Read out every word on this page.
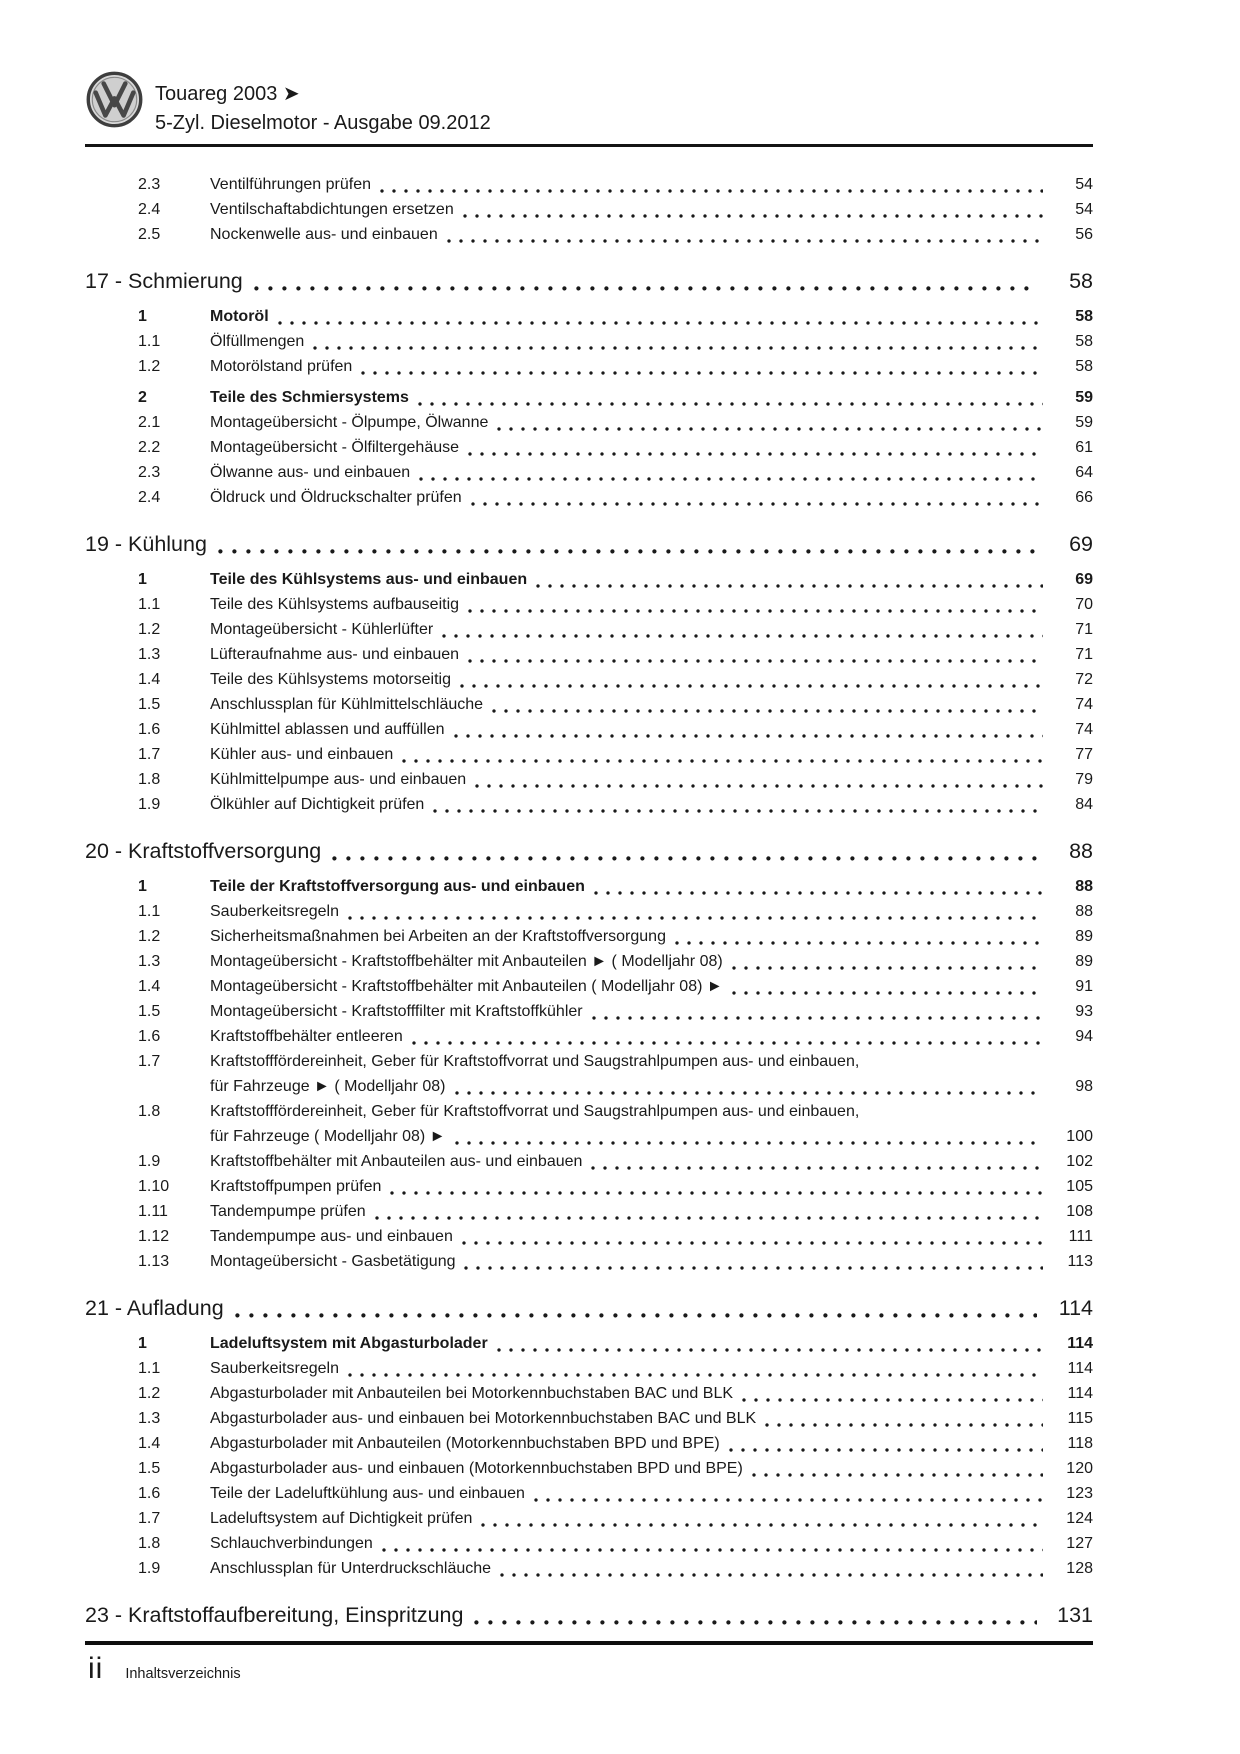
Touareg 2003 ➤
5-Zyl. Dieselmotor - Ausgabe 09.2012
2.3	Ventilführungen prüfen	54
2.4	Ventilschaftabdichtungen ersetzen	54
2.5	Nockenwelle aus- und einbauen	56
17 - Schmierung	58
1	Motoröl	58
1.1	Ölfüllmengen	58
1.2	Motorölstand prüfen	58
2	Teile des Schmiersystems	59
2.1	Montageübersicht - Ölpumpe, Ölwanne	59
2.2	Montageübersicht - Ölfiltergehäuse	61
2.3	Ölwanne aus- und einbauen	64
2.4	Öldruck und Öldruckschalter prüfen	66
19 - Kühlung	69
1	Teile des Kühlsystems aus- und einbauen	69
1.1	Teile des Kühlsystems aufbauseitig	70
1.2	Montageübersicht - Kühlerlüfter	71
1.3	Lüfteraufnahme aus- und einbauen	71
1.4	Teile des Kühlsystems motorseitig	72
1.5	Anschlussplan für Kühlmittelschläuche	74
1.6	Kühlmittel ablassen und auffüllen	74
1.7	Kühler aus- und einbauen	77
1.8	Kühlmittelpumpe aus- und einbauen	79
1.9	Ölkühler auf Dichtigkeit prüfen	84
20 - Kraftstoffversorgung	88
1	Teile der Kraftstoffversorgung aus- und einbauen	88
1.1	Sauberkeitsregeln	88
1.2	Sicherheitsmaßnahmen bei Arbeiten an der Kraftstoffversorgung	89
1.3	Montageübersicht - Kraftstoffbehälter mit Anbauteilen ► ( Modelljahr 08)	89
1.4	Montageübersicht - Kraftstoffbehälter mit Anbauteilen ( Modelljahr 08) ►	91
1.5	Montageübersicht - Kraftstofffilter mit Kraftstoffkühler	93
1.6	Kraftstoffbehälter entleeren	94
1.7	Kraftstofffördereinheit, Geber für Kraftstoffvorrat und Saugstrahlpumpen aus- und einbauen,
für Fahrzeuge ► ( Modelljahr 08)	98
1.8	Kraftstofffördereinheit, Geber für Kraftstoffvorrat und Saugstrahlpumpen aus- und einbauen,
für Fahrzeuge ( Modelljahr 08) ►	100
1.9	Kraftstoffbehälter mit Anbauteilen aus- und einbauen	102
1.10	Kraftstoffpumpen prüfen	105
1.11	Tandempumpe prüfen	108
1.12	Tandempumpe aus- und einbauen	111
1.13	Montageübersicht - Gasbetätigung	113
21 - Aufladung	114
1	Ladeluftsystem mit Abgasturbolader	114
1.1	Sauberkeitsregeln	114
1.2	Abgasturbolader mit Anbauteilen bei Motorkennbuchstaben BAC und BLK	114
1.3	Abgasturbolader aus- und einbauen bei Motorkennbuchstaben BAC und BLK	115
1.4	Abgasturbolader mit Anbauteilen (Motorkennbuchstaben BPD und BPE)	118
1.5	Abgasturbolader aus- und einbauen (Motorkennbuchstaben BPD und BPE)	120
1.6	Teile der Ladeluftkühlung aus- und einbauen	123
1.7	Ladeluftsystem auf Dichtigkeit prüfen	124
1.8	Schlauchverbindungen	127
1.9	Anschlussplan für Unterdruckschläuche	128
23 - Kraftstoffaufbereitung, Einspritzung	131
ii Inhaltsverzeichnis
